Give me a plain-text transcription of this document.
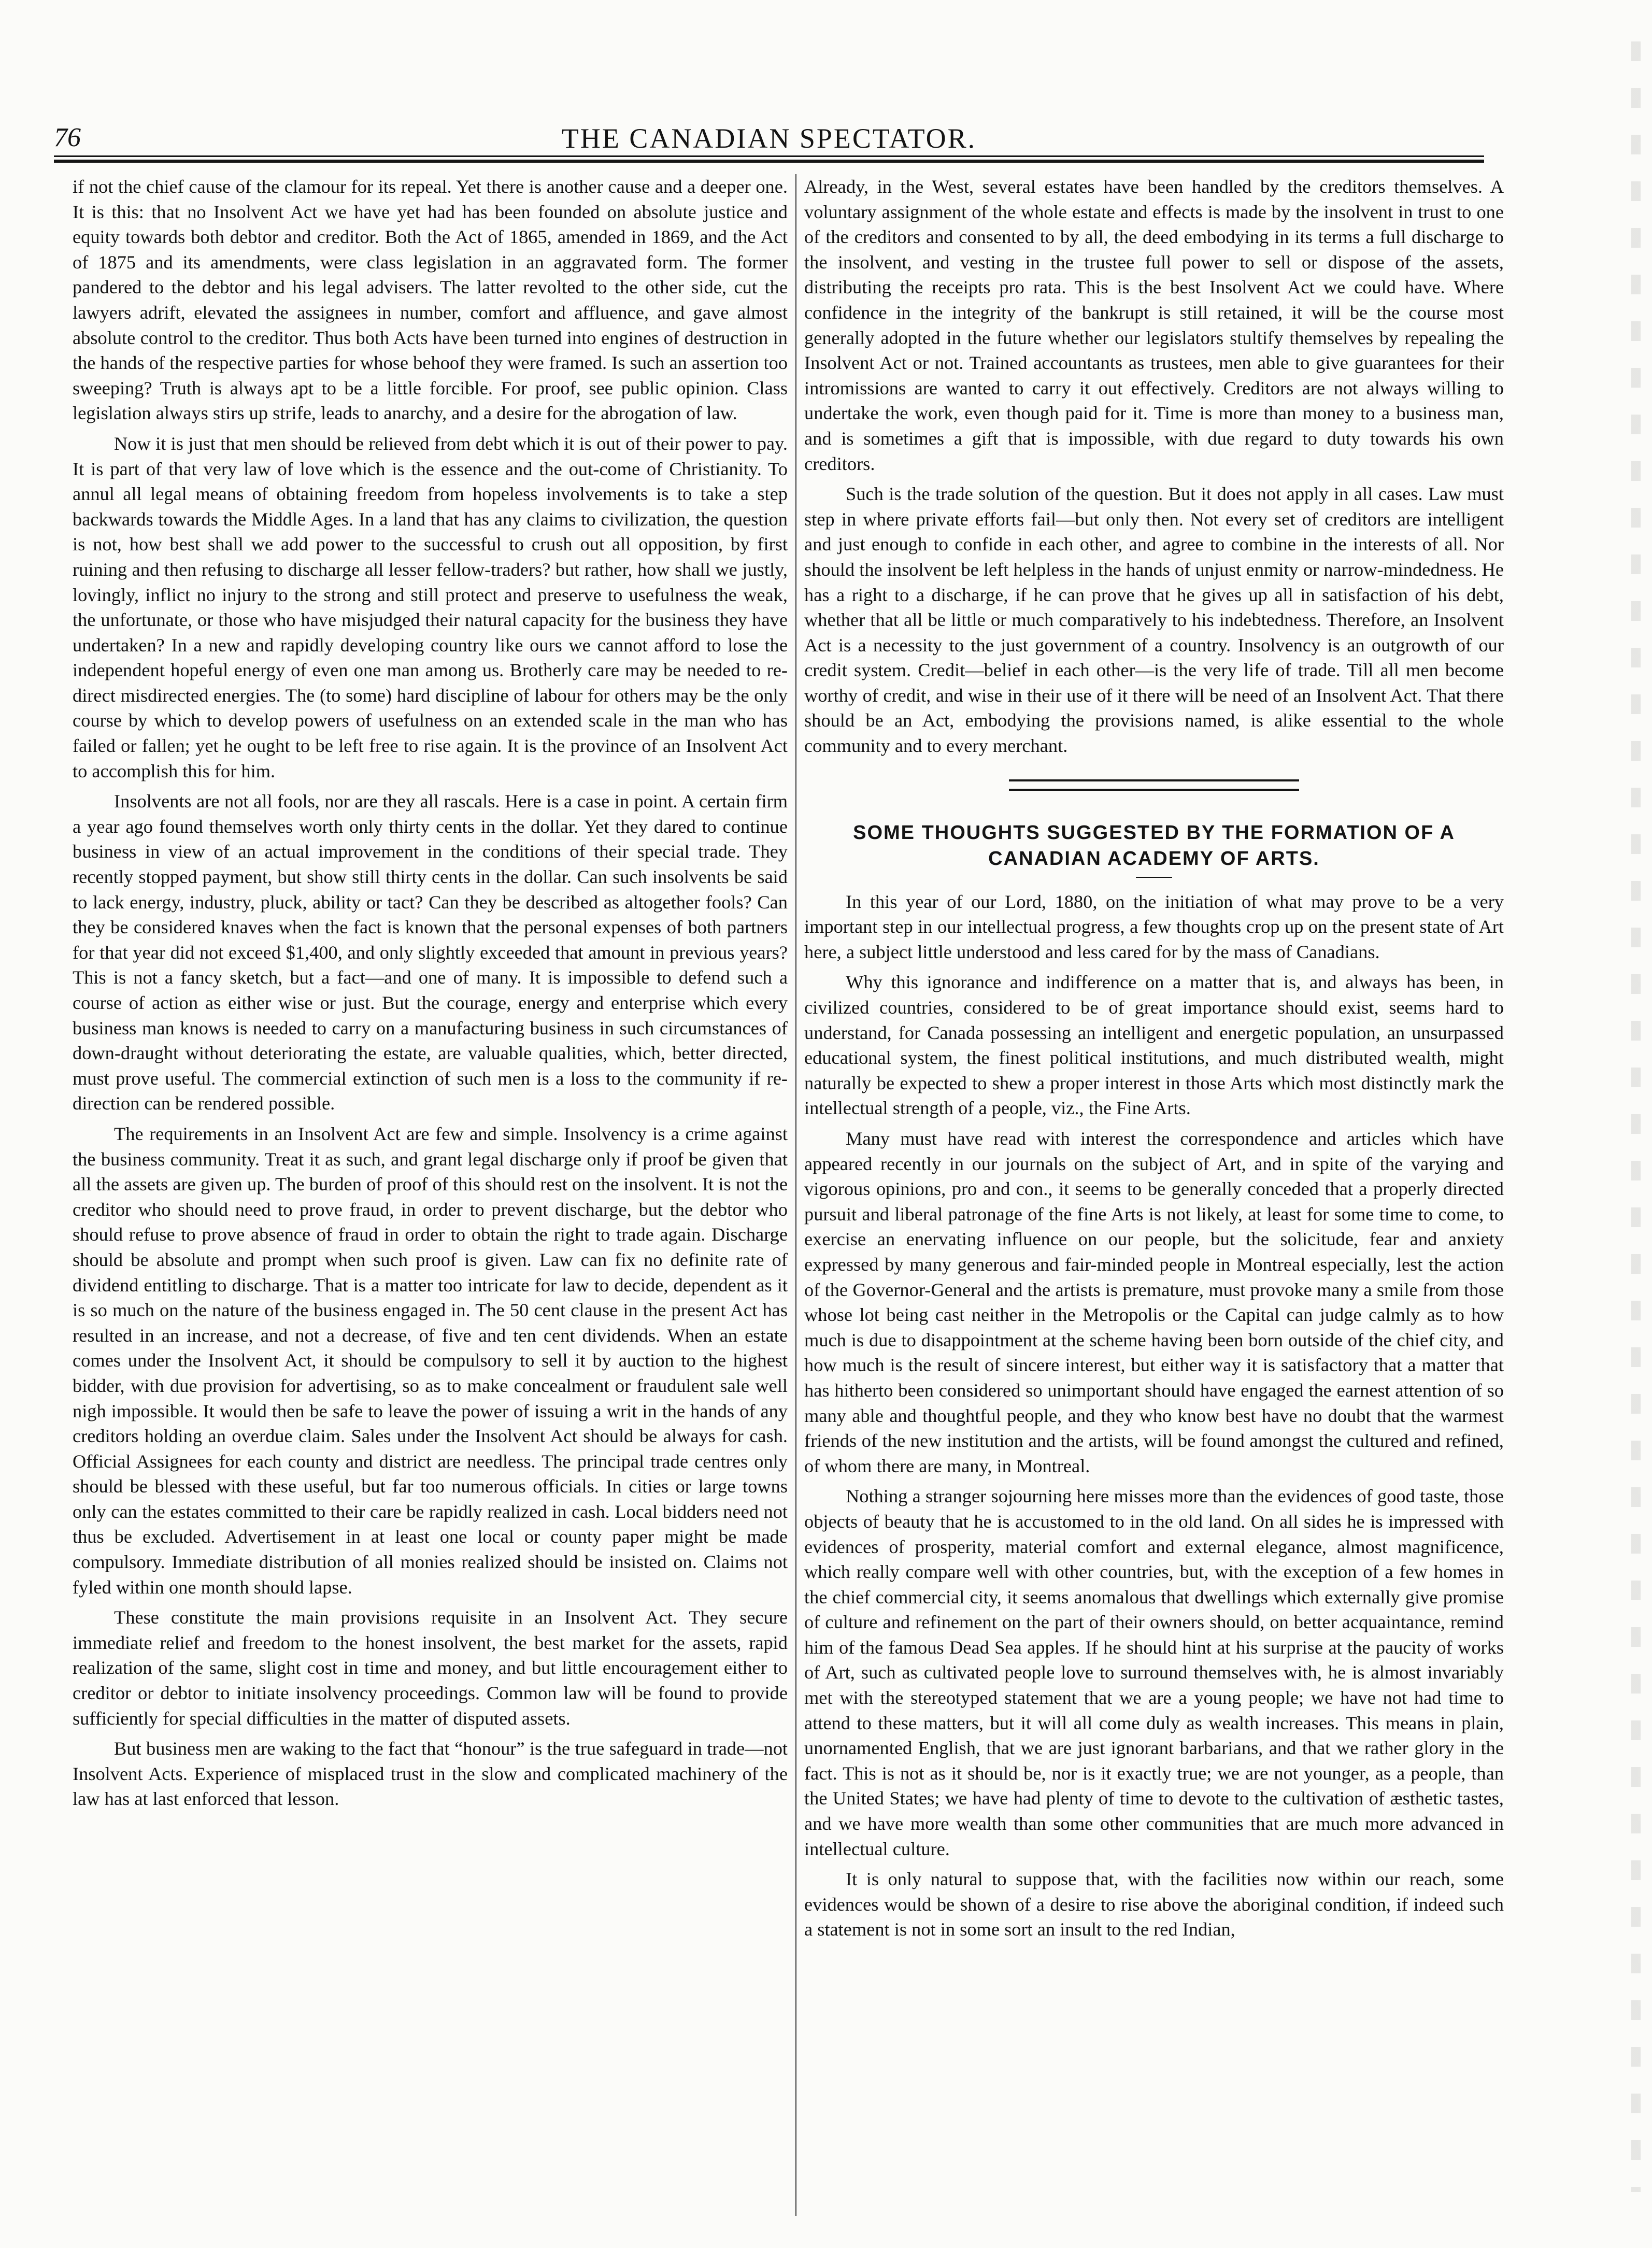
76	THE CANADIAN SPECTATOR.

if not the chief cause of the clamour for its repeal. Yet there is another cause and a deeper one. It is this: that no Insolvent Act we have yet had has been founded on absolute justice and equity towards both debtor and creditor. Both the Act of 1865, amended in 1869, and the Act of 1875 and its amendments, were class legislation in an aggravated form. The former pandered to the debtor and his legal advisers. The latter revolted to the other side, cut the lawyers adrift, elevated the assignees in number, comfort and affluence, and gave almost absolute control to the creditor. Thus both Acts have been turned into engines of destruction in the hands of the respective parties for whose behoof they were framed. Is such an assertion too sweeping? Truth is always apt to be a little forcible. For proof, see public opinion. Class legislation always stirs up strife, leads to anarchy, and a desire for the abrogation of law.

Now it is just that men should be relieved from debt which it is out of their power to pay. It is part of that very law of love which is the essence and the out-come of Christianity. To annul all legal means of obtaining freedom from hopeless involvements is to take a step backwards towards the Middle Ages. In a land that has any claims to civilization, the question is not, how best shall we add power to the successful to crush out all opposition, by first ruining and then refusing to discharge all lesser fellow-traders? but rather, how shall we justly, lovingly, inflict no injury to the strong and still protect and preserve to usefulness the weak, the unfortunate, or those who have misjudged their natural capacity for the business they have undertaken? In a new and rapidly developing country like ours we cannot afford to lose the independent hopeful energy of even one man among us. Brotherly care may be needed to re-direct misdirected energies. The (to some) hard discipline of labour for others may be the only course by which to develop powers of usefulness on an extended scale in the man who has failed or fallen; yet he ought to be left free to rise again. It is the province of an Insolvent Act to accomplish this for him.

Insolvents are not all fools, nor are they all rascals. Here is a case in point. A certain firm a year ago found themselves worth only thirty cents in the dollar. Yet they dared to continue business in view of an actual improvement in the conditions of their special trade. They recently stopped payment, but show still thirty cents in the dollar. Can such insolvents be said to lack energy, industry, pluck, ability or tact? Can they be described as altogether fools? Can they be considered knaves when the fact is known that the personal expenses of both partners for that year did not exceed $1,400, and only slightly exceeded that amount in previous years? This is not a fancy sketch, but a fact—and one of many. It is impossible to defend such a course of action as either wise or just. But the courage, energy and enterprise which every business man knows is needed to carry on a manufacturing business in such circumstances of down-draught without deteriorating the estate, are valuable qualities, which, better directed, must prove useful. The commercial extinction of such men is a loss to the community if re-direction can be rendered possible.

The requirements in an Insolvent Act are few and simple. Insolvency is a crime against the business community. Treat it as such, and grant legal discharge only if proof be given that all the assets are given up. The burden of proof of this should rest on the insolvent. It is not the creditor who should need to prove fraud, in order to prevent discharge, but the debtor who should refuse to prove absence of fraud in order to obtain the right to trade again. Discharge should be absolute and prompt when such proof is given. Law can fix no definite rate of dividend entitling to discharge. That is a matter too intricate for law to decide, dependent as it is so much on the nature of the business engaged in. The 50 cent clause in the present Act has resulted in an increase, and not a decrease, of five and ten cent dividends. When an estate comes under the Insolvent Act, it should be compulsory to sell it by auction to the highest bidder, with due provision for advertising, so as to make concealment or fraudulent sale well nigh impossible. It would then be safe to leave the power of issuing a writ in the hands of any creditors holding an overdue claim. Sales under the Insolvent Act should be always for cash. Official Assignees for each county and district are needless. The principal trade centres only should be blessed with these useful, but far too numerous officials. In cities or large towns only can the estates committed to their care be rapidly realized in cash. Local bidders need not thus be excluded. Advertisement in at least one local or county paper might be made compulsory. Immediate distribution of all monies realized should be insisted on. Claims not fyled within one month should lapse.

These constitute the main provisions requisite in an Insolvent Act. They secure immediate relief and freedom to the honest insolvent, the best market for the assets, rapid realization of the same, slight cost in time and money, and but little encouragement either to creditor or debtor to initiate insolvency proceedings. Common law will be found to provide sufficiently for special difficulties in the matter of disputed assets.

But business men are waking to the fact that “honour” is the true safeguard in trade—not Insolvent Acts. Experience of misplaced trust in the slow and complicated machinery of the law has at last enforced that lesson.

Already, in the West, several estates have been handled by the creditors themselves. A voluntary assignment of the whole estate and effects is made by the insolvent in trust to one of the creditors and consented to by all, the deed embodying in its terms a full discharge to the insolvent, and vesting in the trustee full power to sell or dispose of the assets, distributing the receipts pro rata. This is the best Insolvent Act we could have. Where confidence in the integrity of the bankrupt is still retained, it will be the course most generally adopted in the future whether our legislators stultify themselves by repealing the Insolvent Act or not. Trained accountants as trustees, men able to give guarantees for their intromissions are wanted to carry it out effectively. Creditors are not always willing to undertake the work, even though paid for it. Time is more than money to a business man, and is sometimes a gift that is impossible, with due regard to duty towards his own creditors.

Such is the trade solution of the question. But it does not apply in all cases. Law must step in where private efforts fail—but only then. Not every set of creditors are intelligent and just enough to confide in each other, and agree to combine in the interests of all. Nor should the insolvent be left helpless in the hands of unjust enmity or narrow-mindedness. He has a right to a discharge, if he can prove that he gives up all in satisfaction of his debt, whether that all be little or much comparatively to his indebtedness. Therefore, an Insolvent Act is a necessity to the just government of a country. Insolvency is an outgrowth of our credit system. Credit—belief in each other—is the very life of trade. Till all men become worthy of credit, and wise in their use of it there will be need of an Insolvent Act. That there should be an Act, embodying the provisions named, is alike essential to the whole community and to every merchant.

SOME THOUGHTS SUGGESTED BY THE FORMATION OF A CANADIAN ACADEMY OF ARTS.

In this year of our Lord, 1880, on the initiation of what may prove to be a very important step in our intellectual progress, a few thoughts crop up on the present state of Art here, a subject little understood and less cared for by the mass of Canadians.

Why this ignorance and indifference on a matter that is, and always has been, in civilized countries, considered to be of great importance should exist, seems hard to understand, for Canada possessing an intelligent and energetic population, an unsurpassed educational system, the finest political institutions, and much distributed wealth, might naturally be expected to shew a proper interest in those Arts which most distinctly mark the intellectual strength of a people, viz., the Fine Arts.

Many must have read with interest the correspondence and articles which have appeared recently in our journals on the subject of Art, and in spite of the varying and vigorous opinions, pro and con., it seems to be generally conceded that a properly directed pursuit and liberal patronage of the fine Arts is not likely, at least for some time to come, to exercise an enervating influence on our people, but the solicitude, fear and anxiety expressed by many generous and fair-minded people in Montreal especially, lest the action of the Governor-General and the artists is premature, must provoke many a smile from those whose lot being cast neither in the Metropolis or the Capital can judge calmly as to how much is due to disappointment at the scheme having been born outside of the chief city, and how much is the result of sincere interest, but either way it is satisfactory that a matter that has hitherto been considered so unimportant should have engaged the earnest attention of so many able and thoughtful people, and they who know best have no doubt that the warmest friends of the new institution and the artists, will be found amongst the cultured and refined, of whom there are many, in Montreal.

Nothing a stranger sojourning here misses more than the evidences of good taste, those objects of beauty that he is accustomed to in the old land. On all sides he is impressed with evidences of prosperity, material comfort and external elegance, almost magnificence, which really compare well with other countries, but, with the exception of a few homes in the chief commercial city, it seems anomalous that dwellings which externally give promise of culture and refinement on the part of their owners should, on better acquaintance, remind him of the famous Dead Sea apples. If he should hint at his surprise at the paucity of works of Art, such as cultivated people love to surround themselves with, he is almost invariably met with the stereotyped statement that we are a young people; we have not had time to attend to these matters, but it will all come duly as wealth increases. This means in plain, unornamented English, that we are just ignorant barbarians, and that we rather glory in the fact. This is not as it should be, nor is it exactly true; we are not younger, as a people, than the United States; we have had plenty of time to devote to the cultivation of æsthetic tastes, and we have more wealth than some other communities that are much more advanced in intellectual culture.

It is only natural to suppose that, with the facilities now within our reach, some evidences would be shown of a desire to rise above the aboriginal condition, if indeed such a statement is not in some sort an insult to the red Indian,
